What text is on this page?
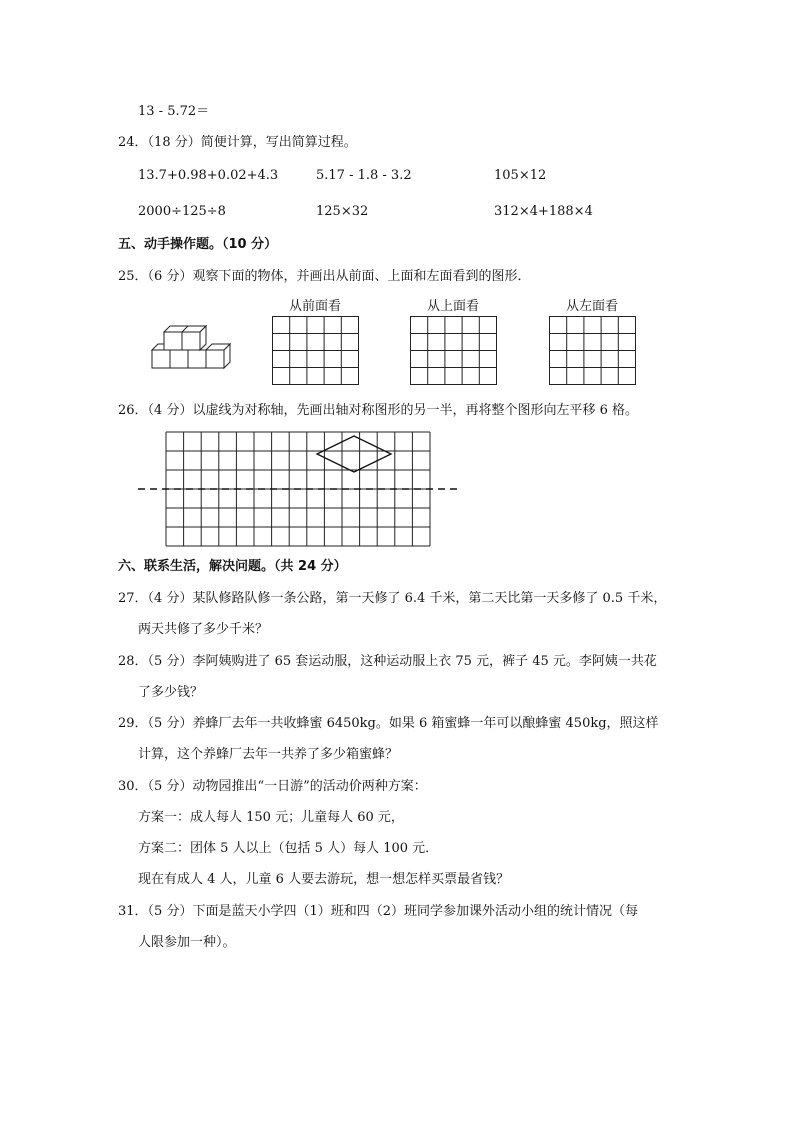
13 - 5.72＝
24．（18 分）简便计算，写出简算过程。
13.7+0.98+0.02+4.3	5.17 - 1.8 - 3.2	105×12
2000÷125÷8	125×32	312×4+188×4
五、动手操作题。（10 分）
25．（6 分）观察下面的物体，并画出从前面、上面和左面看到的图形．
从前面看	从上面看	从左面看
26．（4 分）以虚线为对称轴，先画出轴对称图形的另一半，再将整个图形向左平移 6 格。
六、联系生活，解决问题。（共 24 分）
27．（4 分）某队修路队修一条公路，第一天修了 6.4 千米，第二天比第一天多修了 0.5 千米，
两天共修了多少千米？
28．（5 分）李阿姨购进了 65 套运动服，这种运动服上衣 75 元，裤子 45 元。李阿姨一共花
了多少钱？
29．（5 分）养蜂厂去年一共收蜂蜜 6450kg。如果 6 箱蜜蜂一年可以酿蜂蜜 450kg，照这样
计算，这个养蜂厂去年一共养了多少箱蜜蜂？
30．（5 分）动物园推出“一日游”的活动价两种方案：
方案一：成人每人 150 元；儿童每人 60 元，
方案二：团体 5 人以上（包括 5 人）每人 100 元．
现在有成人 4 人，儿童 6 人要去游玩，想一想怎样买票最省钱？
31．（5 分）下面是蓝天小学四（1）班和四（2）班同学参加课外活动小组的统计情况（每
人限参加一种）。
